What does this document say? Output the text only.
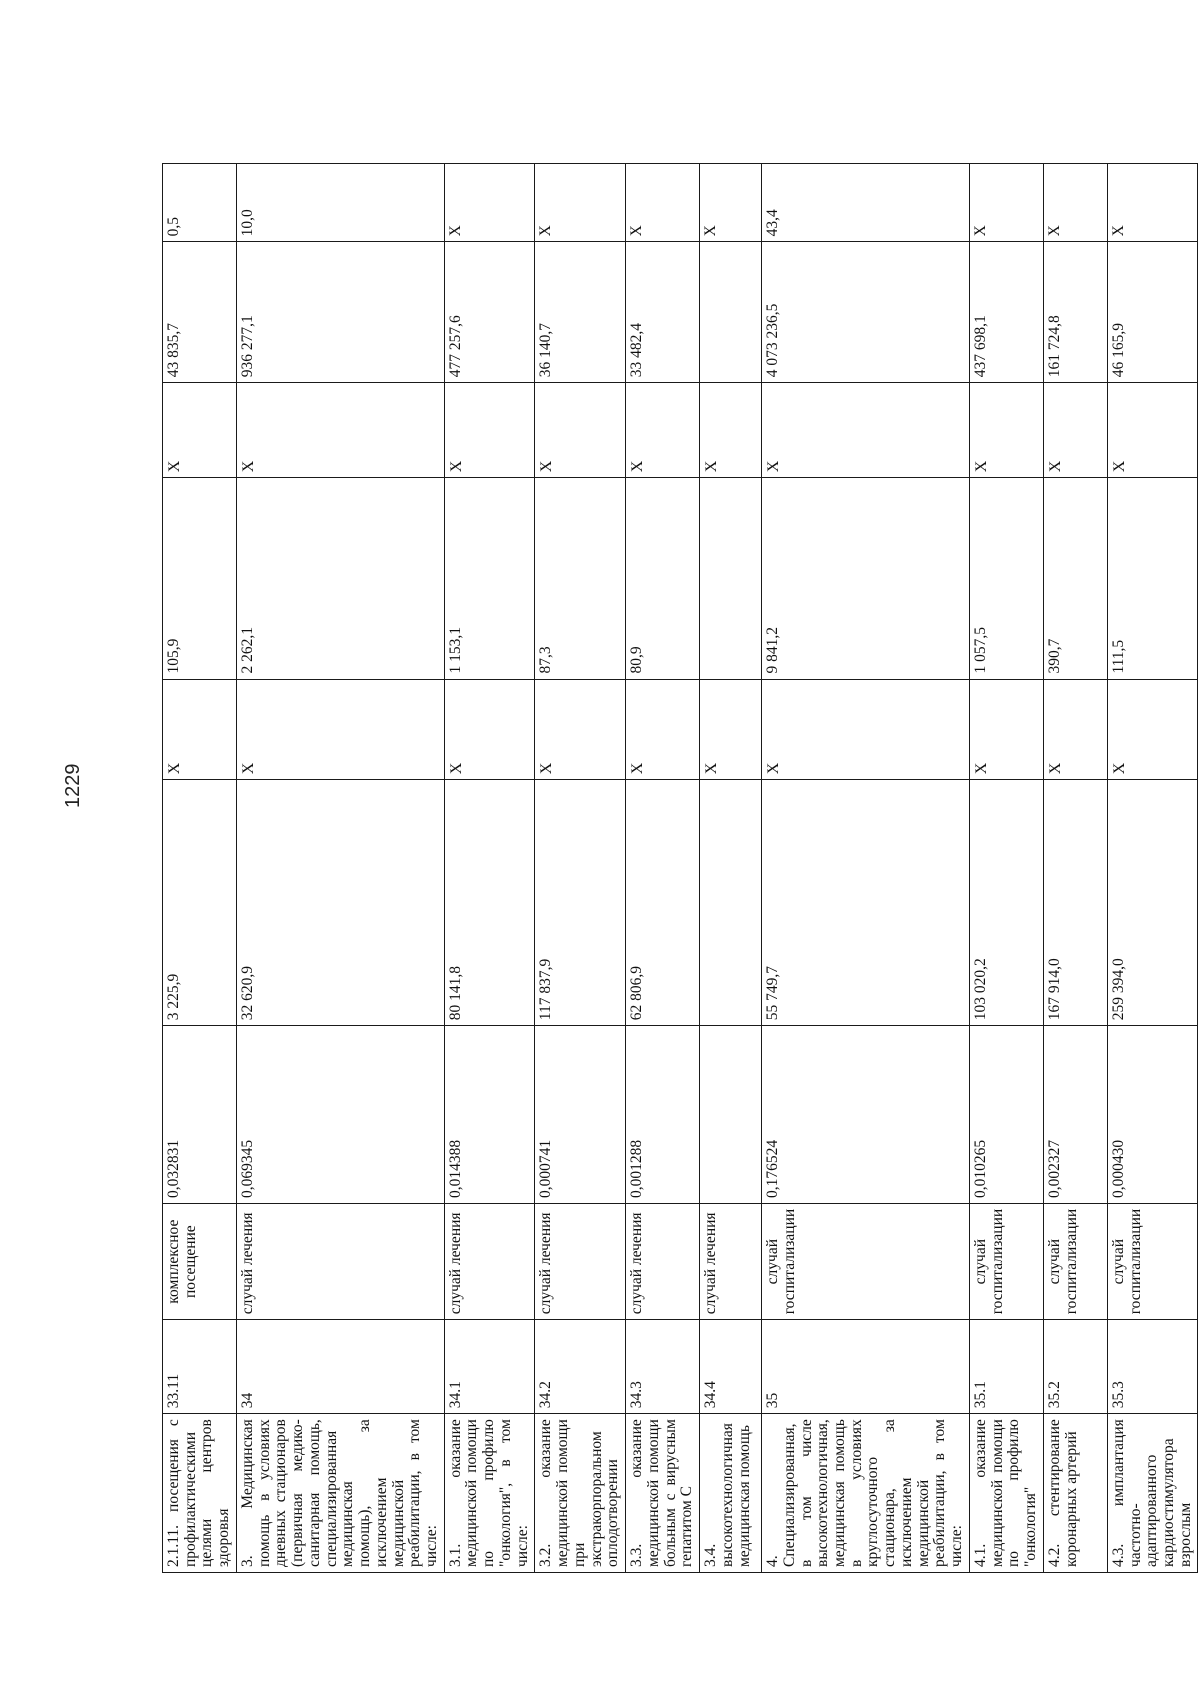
1229
2.1.11. посещения с профилактическими целями центров здоровья	33.11	комплексное посещение	0,032831	3 225,9	X	105,9	X	43 835,7	0,5
3. Медицинская помощь в условиях дневных стационаров (первичная медико-санитарная помощь, специализированная медицинская помощь), за исключением медицинской реабилитации, в том числе:	34	случай лечения	0,069345	32 620,9	X	2 262,1	X	936 277,1	10,0
3.1. оказание медицинской помощи по профилю "онкология", в том числе:	34.1	случай лечения	0,014388	80 141,8	X	1 153,1	X	477 257,6	X
3.2. оказание медицинской помощи при экстракорпоральном оплодотворении	34.2	случай лечения	0,000741	117 837,9	X	87,3	X	36 140,7	X
3.3. оказание медицинской помощи больным с вирусным гепатитом С	34.3	случай лечения	0,001288	62 806,9	X	80,9	X	33 482,4	X
3.4. высокотехнологичная медицинская помощь	34.4	случай лечения			X		X		X
4. Специализированная, в том числе высокотехнологичная, медицинская помощь в условиях круглосуточного стационара, за исключением медицинской реабилитации, в том числе:	35	случай госпитализации	0,176524	55 749,7	X	9 841,2	X	4 073 236,5	43,4
4.1. оказание медицинской помощи по профилю "онкология"	35.1	случай госпитализации	0,010265	103 020,2	X	1 057,5	X	437 698,1	X
4.2. стентирование коронарных артерий	35.2	случай госпитализации	0,002327	167 914,0	X	390,7	X	161 724,8	X
4.3. имплантация частотно-адаптированного кардиостимулятора взрослым	35.3	случай госпитализации	0,000430	259 394,0	X	111,5	X	46 165,9	X
